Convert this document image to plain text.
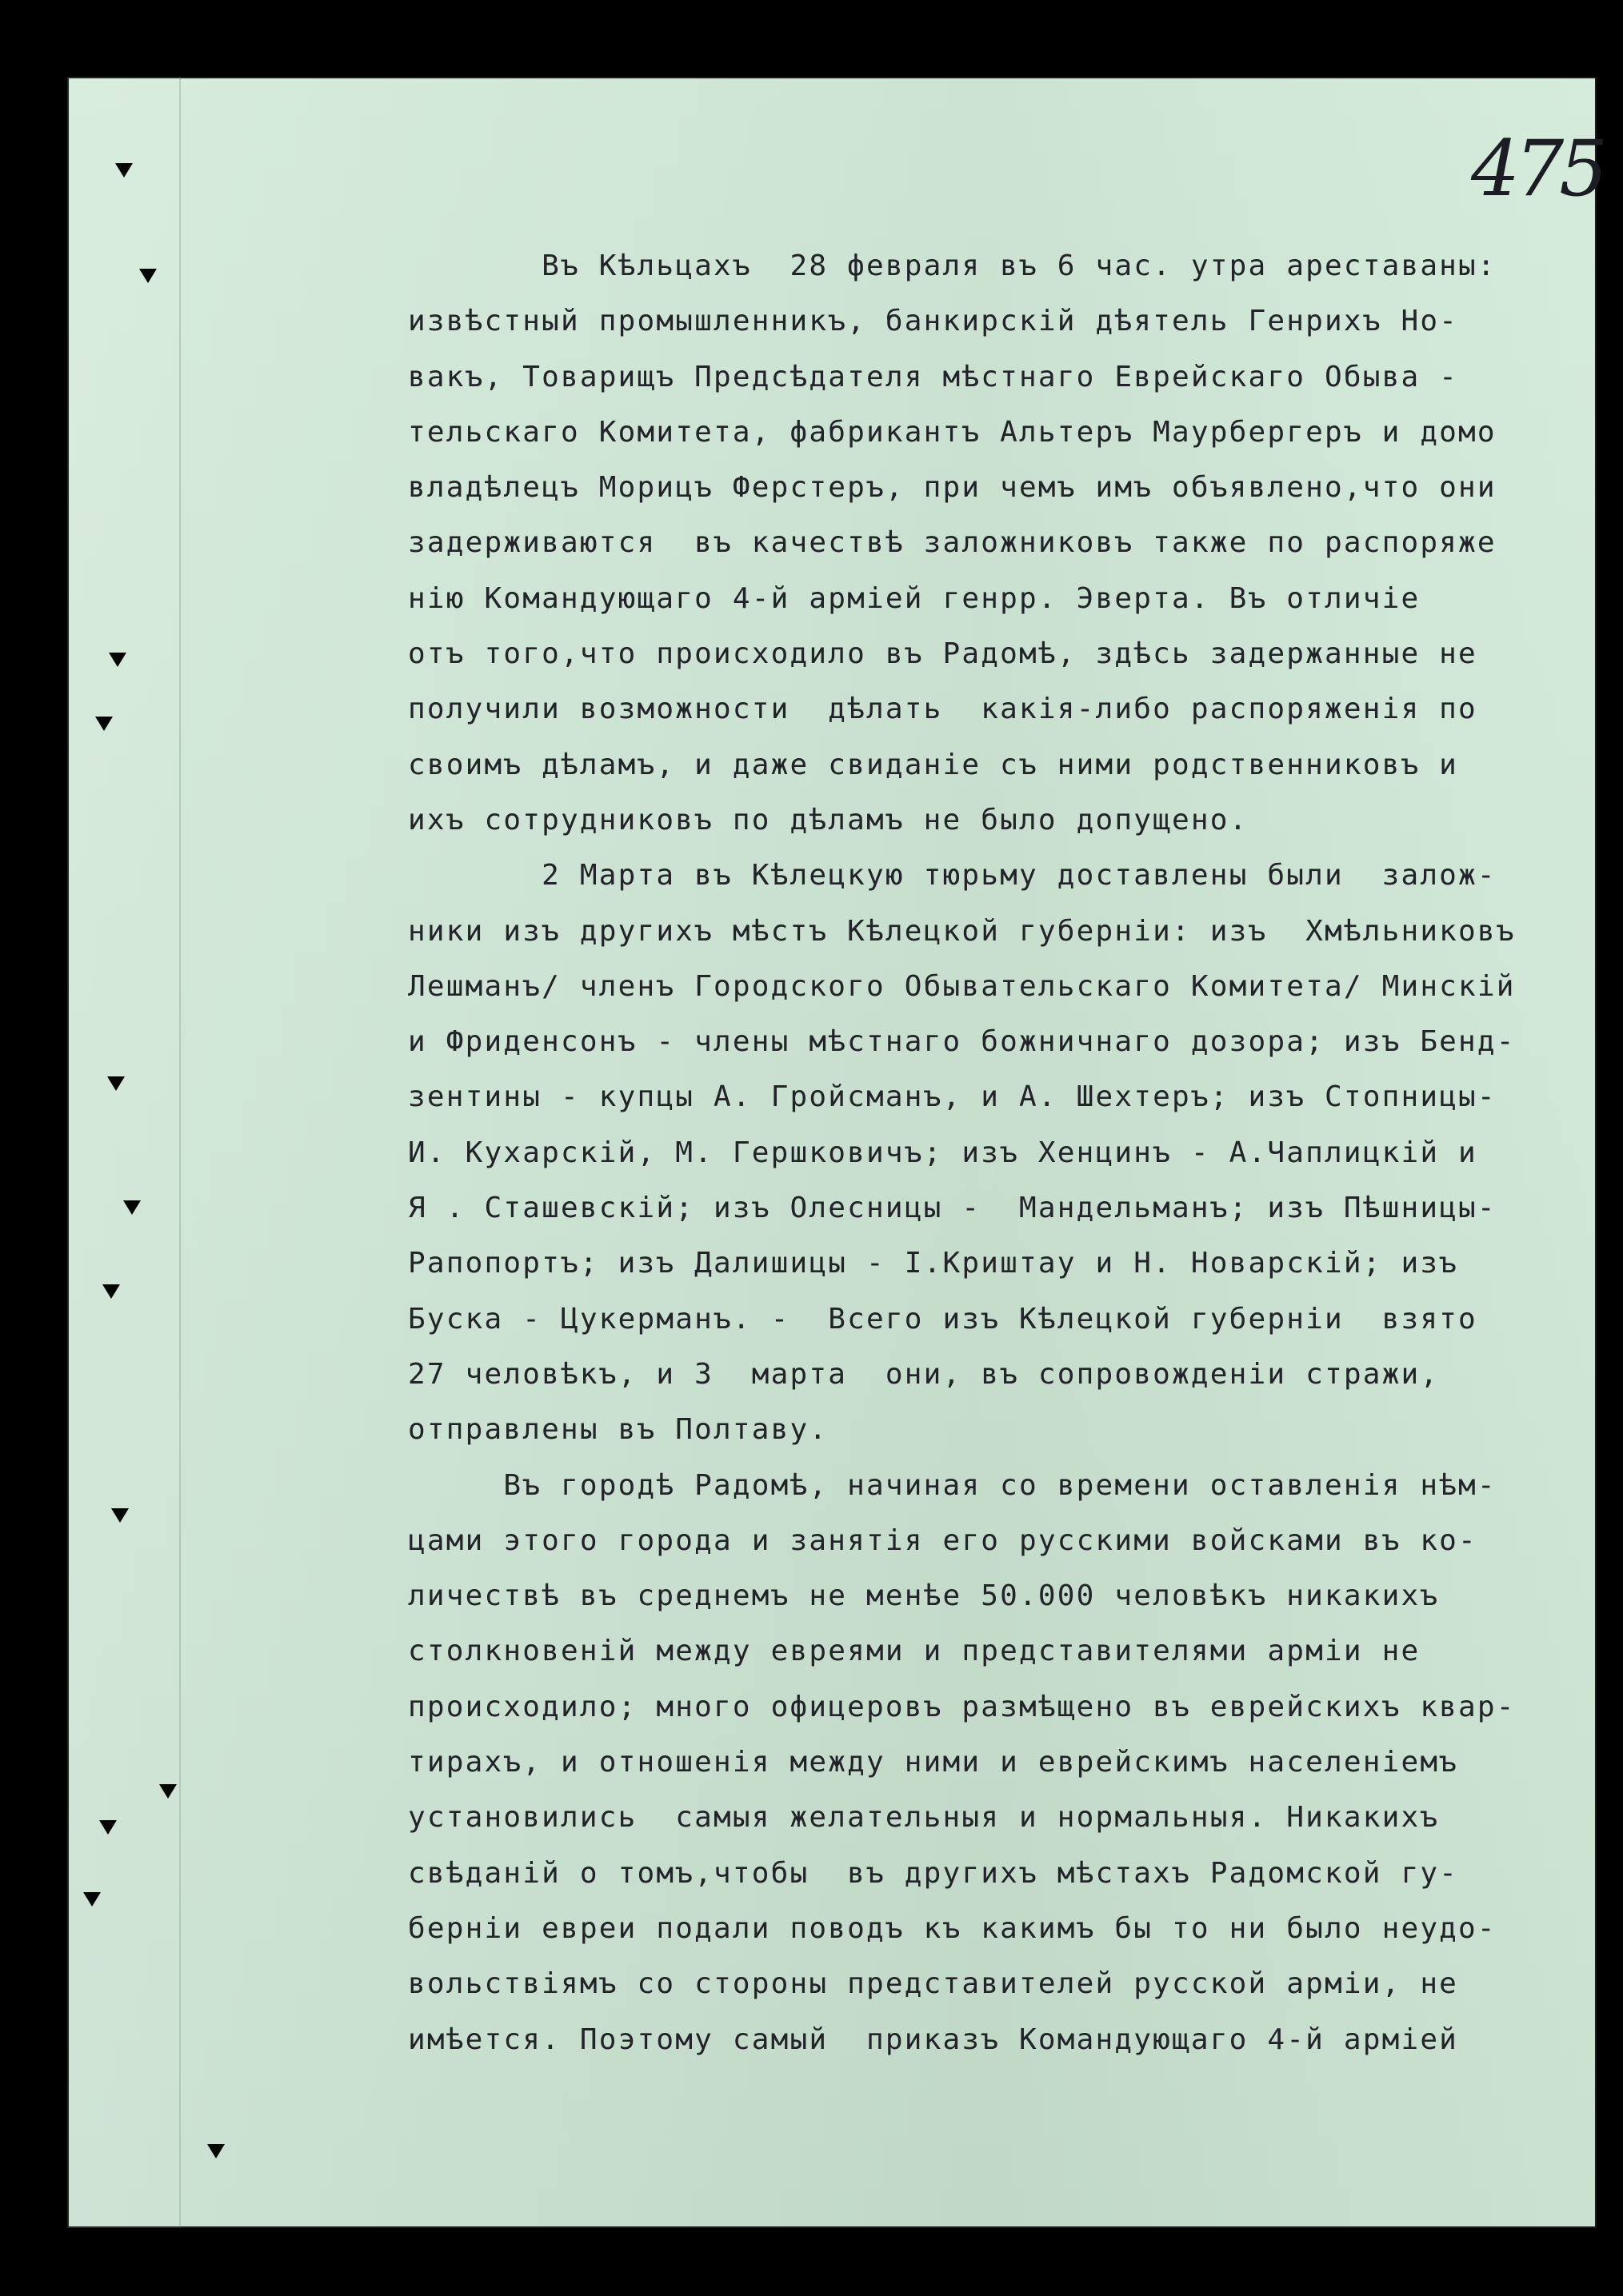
475
Въ Кѣльцахъ  28 февраля въ 6 час. утра ареставаны:
извѣстный промышленникъ, банкирскій дѣятель Генрихъ Но-
вакъ, Товарищъ Предсѣдателя мѣстнаго Еврейскаго Обыва -
тельскаго Комитета, фабрикантъ Альтеръ Маурбергеръ и домо
владѣлецъ Морицъ Ферстеръ, при чемъ имъ объявлено,что они
задерживаются  въ качествѣ заложниковъ также по распоряже
нію Командующаго 4-й арміей генрр. Эверта. Въ отличіе
отъ того,что происходило въ Радомѣ, здѣсь задержанные не
получили возможности  дѣлать  какія-либо распоряженія по
своимъ дѣламъ, и даже свиданіе съ ними родственниковъ и
ихъ сотрудниковъ по дѣламъ не было допущено.
2 Марта въ Кѣлецкую тюрьму доставлены были  залож-
ники изъ другихъ мѣстъ Кѣлецкой губерніи: изъ  Хмѣльниковъ
Лешманъ/ членъ Городского Обывательскаго Комитета/ Минскій
и Фриденсонъ - члены мѣстнаго божничнаго дозора; изъ Бенд-
зентины - купцы А. Гройсманъ, и А. Шехтеръ; изъ Стопницы-
И. Кухарскій, М. Гершковичъ; изъ Хенцинъ - А.Чаплицкій и
Я . Сташевскій; изъ Олесницы -  Мандельманъ; изъ Пѣшницы-
Рапопортъ; изъ Далишицы - І.Криштау и Н. Новарскій; изъ
Буска - Цукерманъ. -  Всего изъ Кѣлецкой губерніи  взято
27 человѣкъ, и 3  марта  они, въ сопровожденіи стражи,
отправлены въ Полтаву.
Въ городѣ Радомѣ, начиная со времени оставленія нѣм-
цами этого города и занятія его русскими войсками въ ко-
личествѣ въ среднемъ не менѣе 50.000 человѣкъ никакихъ
столкновеній между евреями и представителями арміи не
происходило; много офицеровъ размѣщено въ еврейскихъ квар-
тирахъ, и отношенія между ними и еврейскимъ населеніемъ
установились  самыя желательныя и нормальныя. Никакихъ
свѣданій о томъ,чтобы  въ другихъ мѣстахъ Радомской гу-
берніи евреи подали поводъ къ какимъ бы то ни было неудо-
вольствіямъ со стороны представителей русской арміи, не
имѣется. Поэтому самый  приказъ Командующаго 4-й арміей
